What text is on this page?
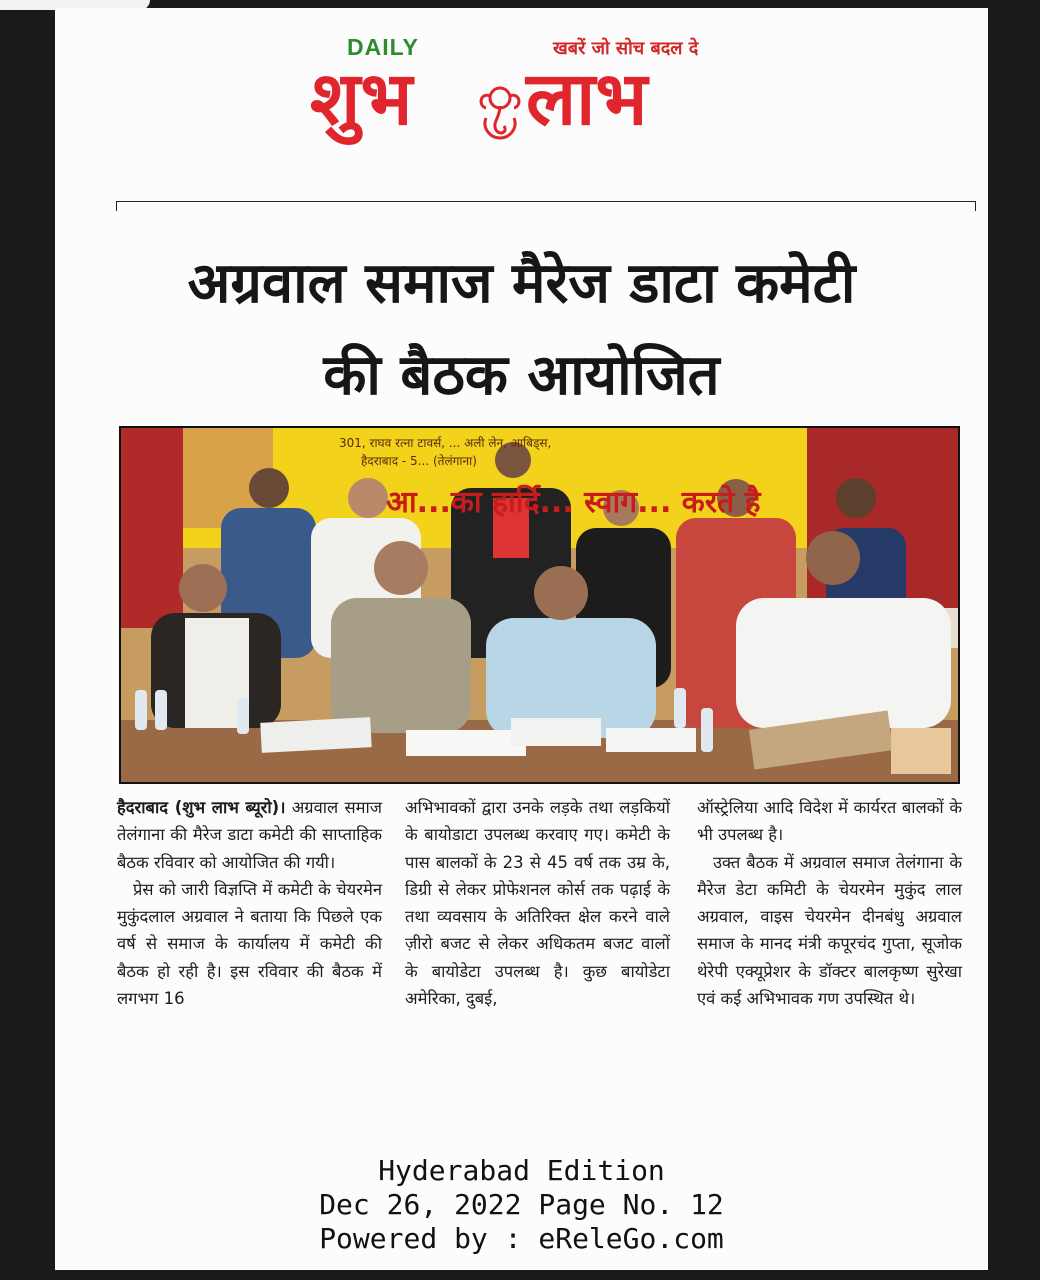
DAILY	खबरें जो सोच बदल दे
शुभ लाभ
अग्रवाल समाज मैरेज डाटा कमेटी
की बैठक आयोजित
301, राघव रत्ना टावर्स, ... अली लेन, आबिड्स,
हैदराबाद - 5... (तेलंगाना)
आ...का हार्दि... स्वाग... करते है

हैदराबाद (शुभ लाभ ब्यूरो)। अग्रवाल समाज तेलंगाना की मैरेज डाटा कमेटी की साप्ताहिक बैठक रविवार को आयोजित की गयी।

प्रेस को जारी विज्ञप्ति में कमेटी के चेयरमेन मुकुंदलाल अग्रवाल ने बताया कि पिछले एक वर्ष से समाज के कार्यालय में कमेटी की बैठक हो रही है। इस रविवार की बैठक में लगभग 16

अभिभावकों द्वारा उनके लड़के तथा लड़कियों के बायोडाटा उपलब्ध करवाए गए। कमेटी के पास बालकों के 23 से 45 वर्ष तक उम्र के, डिग्री से लेकर प्रोफेशनल कोर्स तक पढ़ाई के तथा व्यवसाय के अतिरिक्त क्षेल करने वाले ज़ीरो बजट से लेकर अधिकतम बजट वालों के बायोडेटा उपलब्ध है। कुछ बायोडेटा अमेरिका, दुबई,

ऑस्ट्रेलिया आदि विदेश में कार्यरत बालकों के भी उपलब्ध है।

उक्त बैठक में अग्रवाल समाज तेलंगाना के मैरेज डेटा कमिटी के चेयरमेन मुकुंद लाल अग्रवाल, वाइस चेयरमेन दीनबंधु अग्रवाल समाज के मानद मंत्री कपूरचंद गुप्ता, सूजोक थेरेपी एक्यूप्रेशर के डॉक्टर बालकृष्ण सुरेखा एवं कई अभिभावक गण उपस्थित थे।

Hyderabad Edition
Dec 26, 2022 Page No. 12
Powered by : eReleGo.com
